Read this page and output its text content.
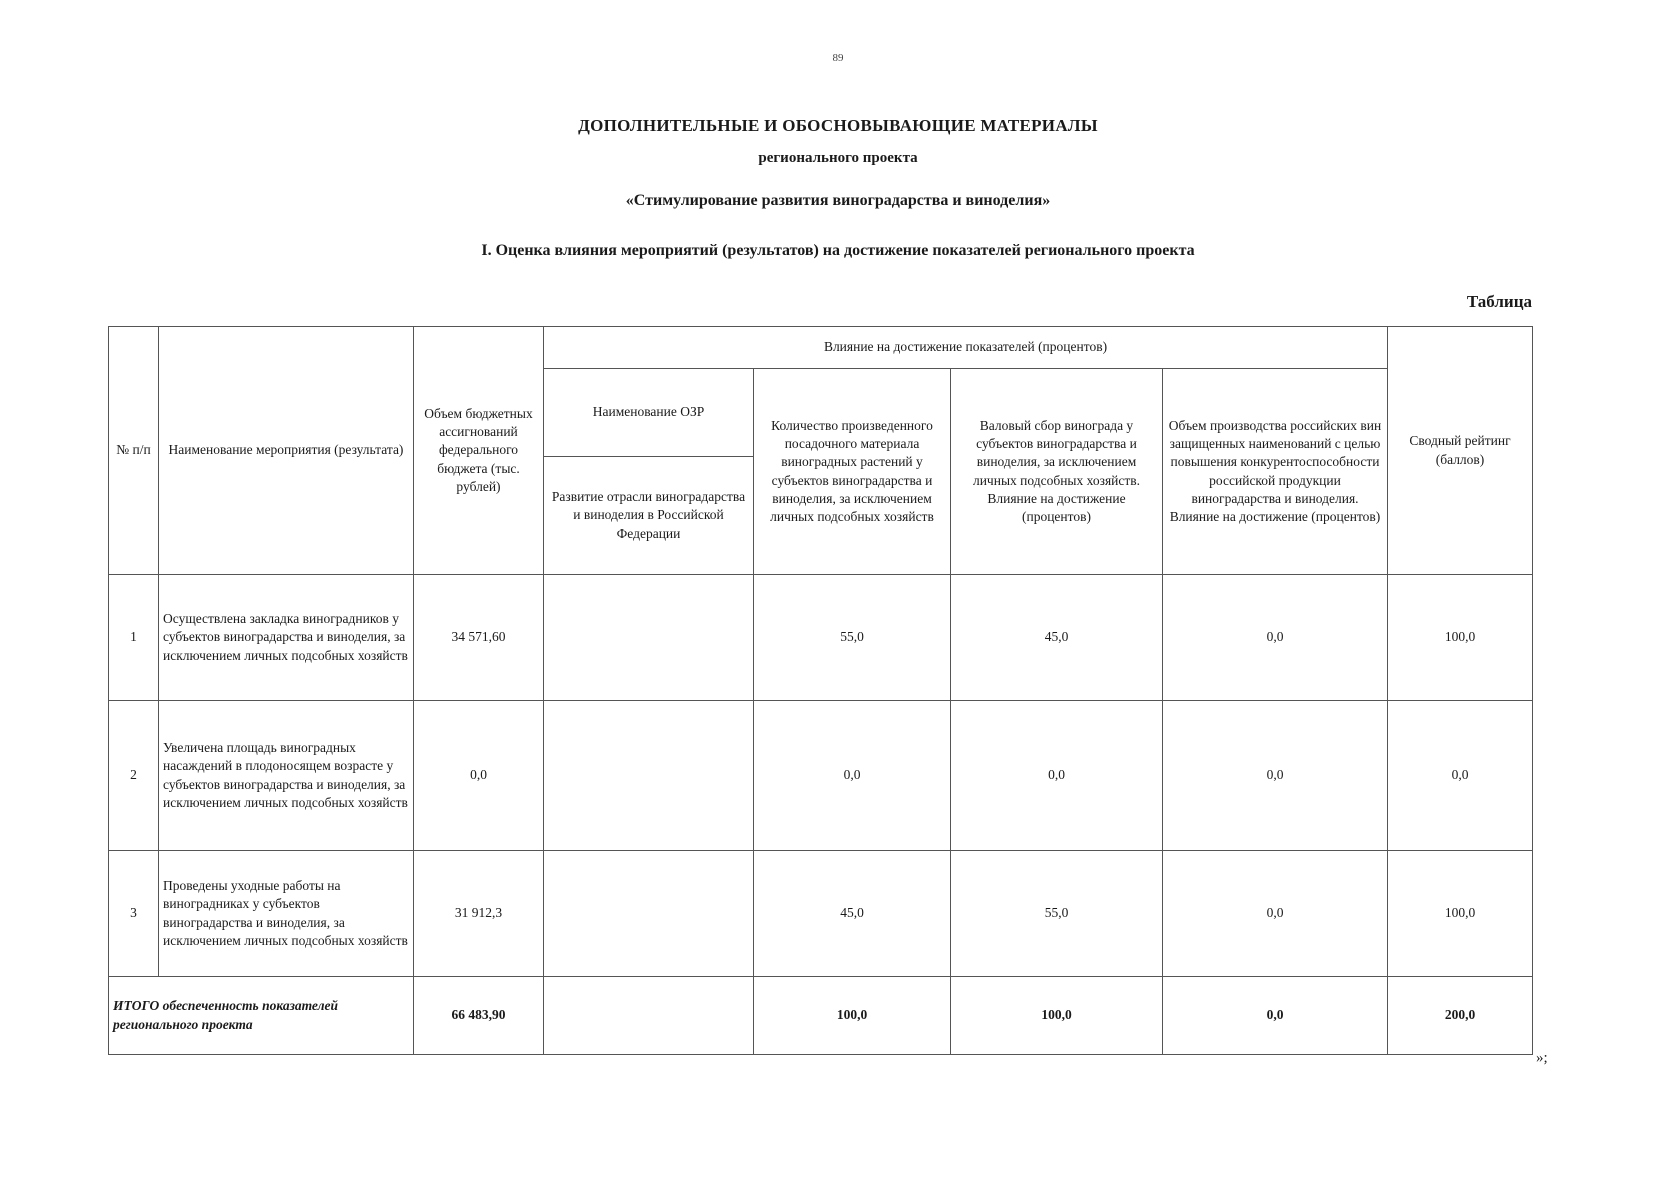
89
ДОПОЛНИТЕЛЬНЫЕ И ОБОСНОВЫВАЮЩИЕ МАТЕРИАЛЫ
регионального проекта
«Стимулирование развития виноградарства и виноделия»
I. Оценка влияния мероприятий (результатов) на достижение показателей регионального проекта
Таблица
№ п/п	Наименование мероприятия (результата)	Объем бюджетных ассигнований федерального бюджета (тыс. рублей)	Влияние на достижение показателей (процентов)				Сводный рейтинг (баллов)
			Наименование ОЗР	Количество произведенного посадочного материала виноградных растений у субъектов виноградарства и виноделия, за исключением личных подсобных хозяйств	Валовый сбор винограда у субъектов виноградарства и виноделия, за исключением личных подсобных хозяйств. Влияние на достижение (процентов)	Объем производства российских вин защищенных наименований с целью повышения конкурентоспособности российской продукции виноградарства и виноделия. Влияние на достижение (процентов)	
			Развитие отрасли виноградарства и виноделия в Российской Федерации				
1	Осуществлена закладка виноградников у субъектов виноградарства и виноделия, за исключением личных подсобных хозяйств	34 571,60		55,0	45,0	0,0	100,0
2	Увеличена площадь виноградных насаждений в плодоносящем возрасте у субъектов виноградарства и виноделия, за исключением личных подсобных хозяйств	0,0		0,0	0,0	0,0	0,0
3	Проведены уходные работы на виноградниках у субъектов виноградарства и виноделия, за исключением личных подсобных хозяйств	31 912,3		45,0	55,0	0,0	100,0
ИТОГО обеспеченность показателей регионального проекта		66 483,90		100,0	100,0	0,0	200,0
»;
